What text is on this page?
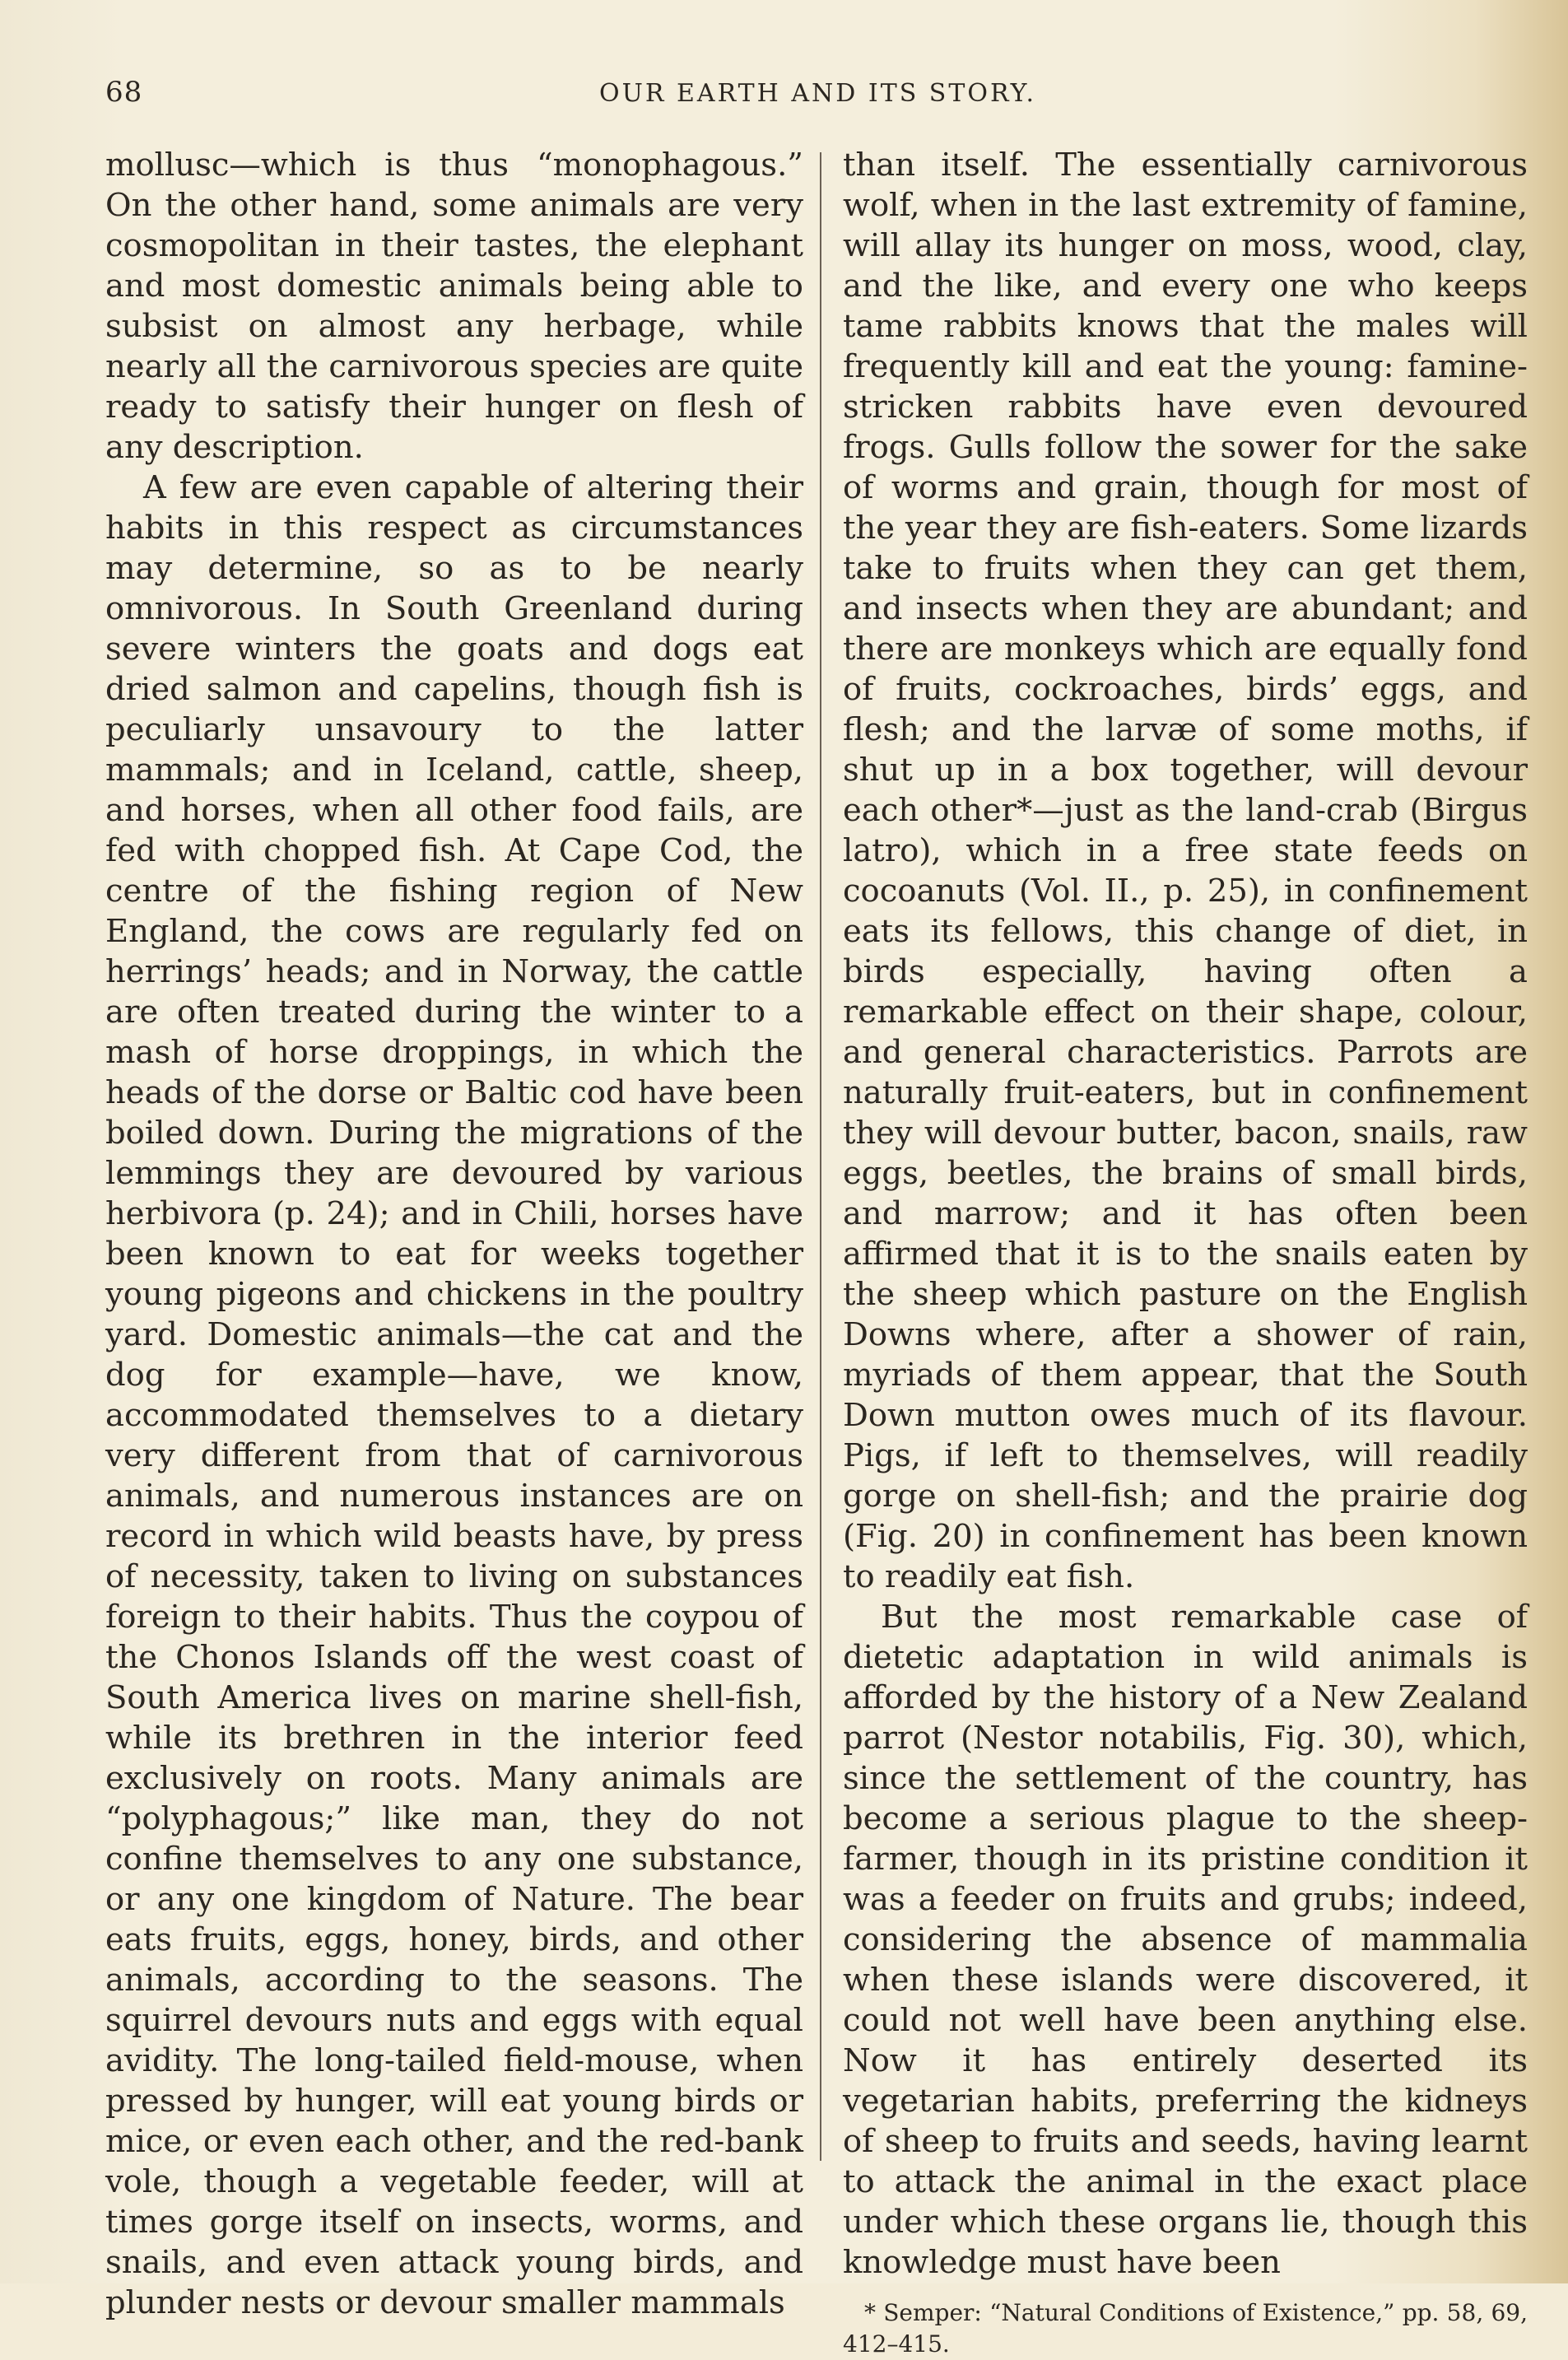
68	OUR EARTH AND ITS STORY.

mollusc—which is thus “monophagous.” On the other hand, some animals are very cosmopolitan in their tastes, the elephant and most domestic animals being able to subsist on almost any herbage, while nearly all the carnivorous species are quite ready to satisfy their hunger on flesh of any description.

A few are even capable of altering their habits in this respect as circumstances may determine, so as to be nearly omnivorous. In South Greenland during severe winters the goats and dogs eat dried salmon and capelins, though fish is peculiarly unsavoury to the latter mammals; and in Iceland, cattle, sheep, and horses, when all other food fails, are fed with chopped fish. At Cape Cod, the centre of the fishing region of New England, the cows are regularly fed on herrings’ heads; and in Norway, the cattle are often treated during the winter to a mash of horse droppings, in which the heads of the dorse or Baltic cod have been boiled down. During the migrations of the lemmings they are devoured by various herbivora (p. 24); and in Chili, horses have been known to eat for weeks together young pigeons and chickens in the poultry yard. Domestic animals—the cat and the dog for example—have, we know, accommodated themselves to a dietary very different from that of carnivorous animals, and numerous instances are on record in which wild beasts have, by press of necessity, taken to living on substances foreign to their habits. Thus the coypou of the Chonos Islands off the west coast of South America lives on marine shell-fish, while its brethren in the interior feed exclusively on roots. Many animals are “polyphagous;” like man, they do not confine themselves to any one substance, or any one kingdom of Nature. The bear eats fruits, eggs, honey, birds, and other animals, according to the seasons. The squirrel devours nuts and eggs with equal avidity. The long-tailed field-mouse, when pressed by hunger, will eat young birds or mice, or even each other, and the red-bank vole, though a vegetable feeder, will at times gorge itself on insects, worms, and snails, and even attack young birds, and plunder nests or devour smaller mammals

than itself. The essentially carnivorous wolf, when in the last extremity of famine, will allay its hunger on moss, wood, clay, and the like, and every one who keeps tame rabbits knows that the males will frequently kill and eat the young: famine-stricken rabbits have even devoured frogs. Gulls follow the sower for the sake of worms and grain, though for most of the year they are fish-eaters. Some lizards take to fruits when they can get them, and insects when they are abundant; and there are monkeys which are equally fond of fruits, cockroaches, birds’ eggs, and flesh; and the larvæ of some moths, if shut up in a box together, will devour each other*—just as the land-crab (Birgus latro), which in a free state feeds on cocoanuts (Vol. II., p. 25), in confinement eats its fellows, this change of diet, in birds especially, having often a remarkable effect on their shape, colour, and general characteristics. Parrots are naturally fruit-eaters, but in confinement they will devour butter, bacon, snails, raw eggs, beetles, the brains of small birds, and marrow; and it has often been affirmed that it is to the snails eaten by the sheep which pasture on the English Downs where, after a shower of rain, myriads of them appear, that the South Down mutton owes much of its flavour. Pigs, if left to themselves, will readily gorge on shell-fish; and the prairie dog (Fig. 20) in confinement has been known to readily eat fish.

But the most remarkable case of dietetic adaptation in wild animals is afforded by the history of a New Zealand parrot (Nestor notabilis, Fig. 30), which, since the settlement of the country, has become a serious plague to the sheep-farmer, though in its pristine condition it was a feeder on fruits and grubs; indeed, considering the absence of mammalia when these islands were discovered, it could not well have been anything else. Now it has entirely deserted its vegetarian habits, preferring the kidneys of sheep to fruits and seeds, having learnt to attack the animal in the exact place under which these organs lie, though this knowledge must have been

* Semper: “Natural Conditions of Existence,” pp. 58, 69, 412–415.
